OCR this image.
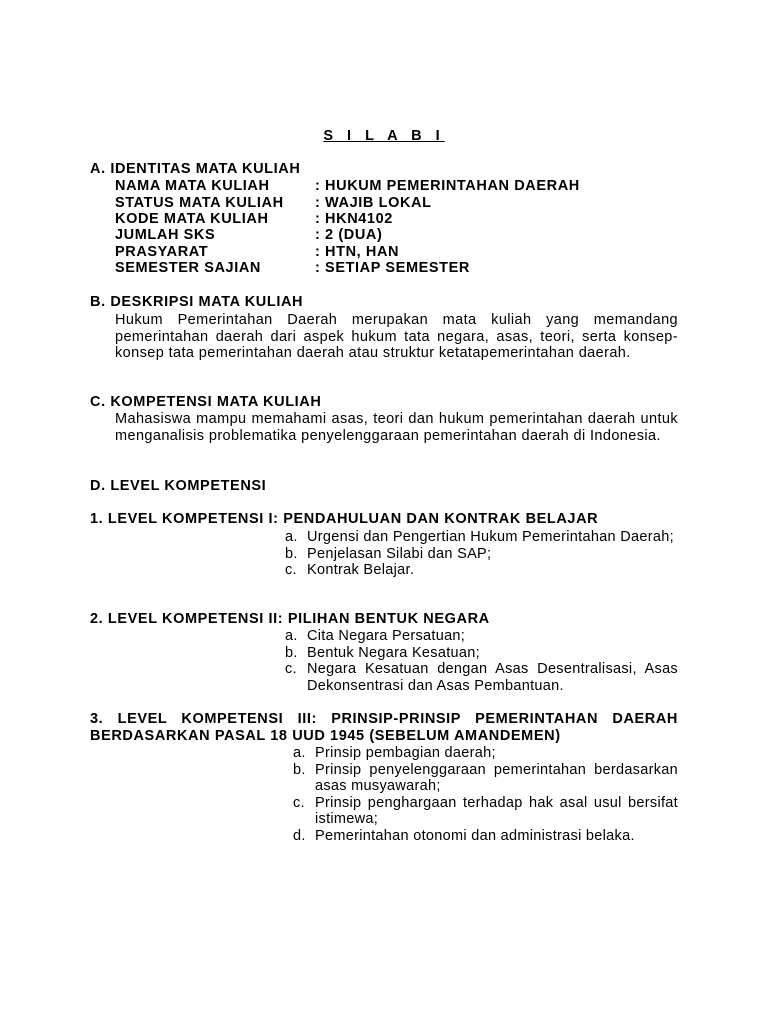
S I L A B I
A. IDENTITAS MATA KULIAH
NAMA MATA KULIAH	: HUKUM PEMERINTAHAN DAERAH
STATUS MATA KULIAH : WAJIB LOKAL
KODE MATA KULIAH	: HKN4102
JUMLAH SKS	: 2 (DUA)
PRASYARAT	: HTN, HAN
SEMESTER SAJIAN	: SETIAP SEMESTER
B. DESKRIPSI MATA KULIAH
Hukum Pemerintahan Daerah merupakan mata kuliah yang memandang pemerintahan daerah dari aspek hukum tata negara, asas, teori, serta konsep-konsep tata pemerintahan daerah atau struktur ketatapemerintahan daerah.
C. KOMPETENSI MATA KULIAH
Mahasiswa mampu memahami asas, teori dan hukum pemerintahan daerah untuk menganalisis problematika penyelenggaraan pemerintahan daerah di Indonesia.
D. LEVEL KOMPETENSI
1. LEVEL KOMPETENSI I: PENDAHULUAN DAN KONTRAK BELAJAR
a. Urgensi dan Pengertian Hukum Pemerintahan Daerah;
b. Penjelasan Silabi dan SAP;
c. Kontrak Belajar.
2. LEVEL KOMPETENSI II: PILIHAN BENTUK NEGARA
a. Cita Negara Persatuan;
b. Bentuk Negara Kesatuan;
c. Negara Kesatuan dengan Asas Desentralisasi, Asas Dekonsentrasi dan Asas Pembantuan.
3. LEVEL KOMPETENSI III: PRINSIP-PRINSIP PEMERINTAHAN DAERAH BERDASARKAN PASAL 18 UUD 1945 (SEBELUM AMANDEMEN)
a. Prinsip pembagian daerah;
b. Prinsip penyelenggaraan pemerintahan berdasarkan asas musyawarah;
c. Prinsip penghargaan terhadap hak asal usul bersifat istimewa;
d. Pemerintahan otonomi dan administrasi belaka.
